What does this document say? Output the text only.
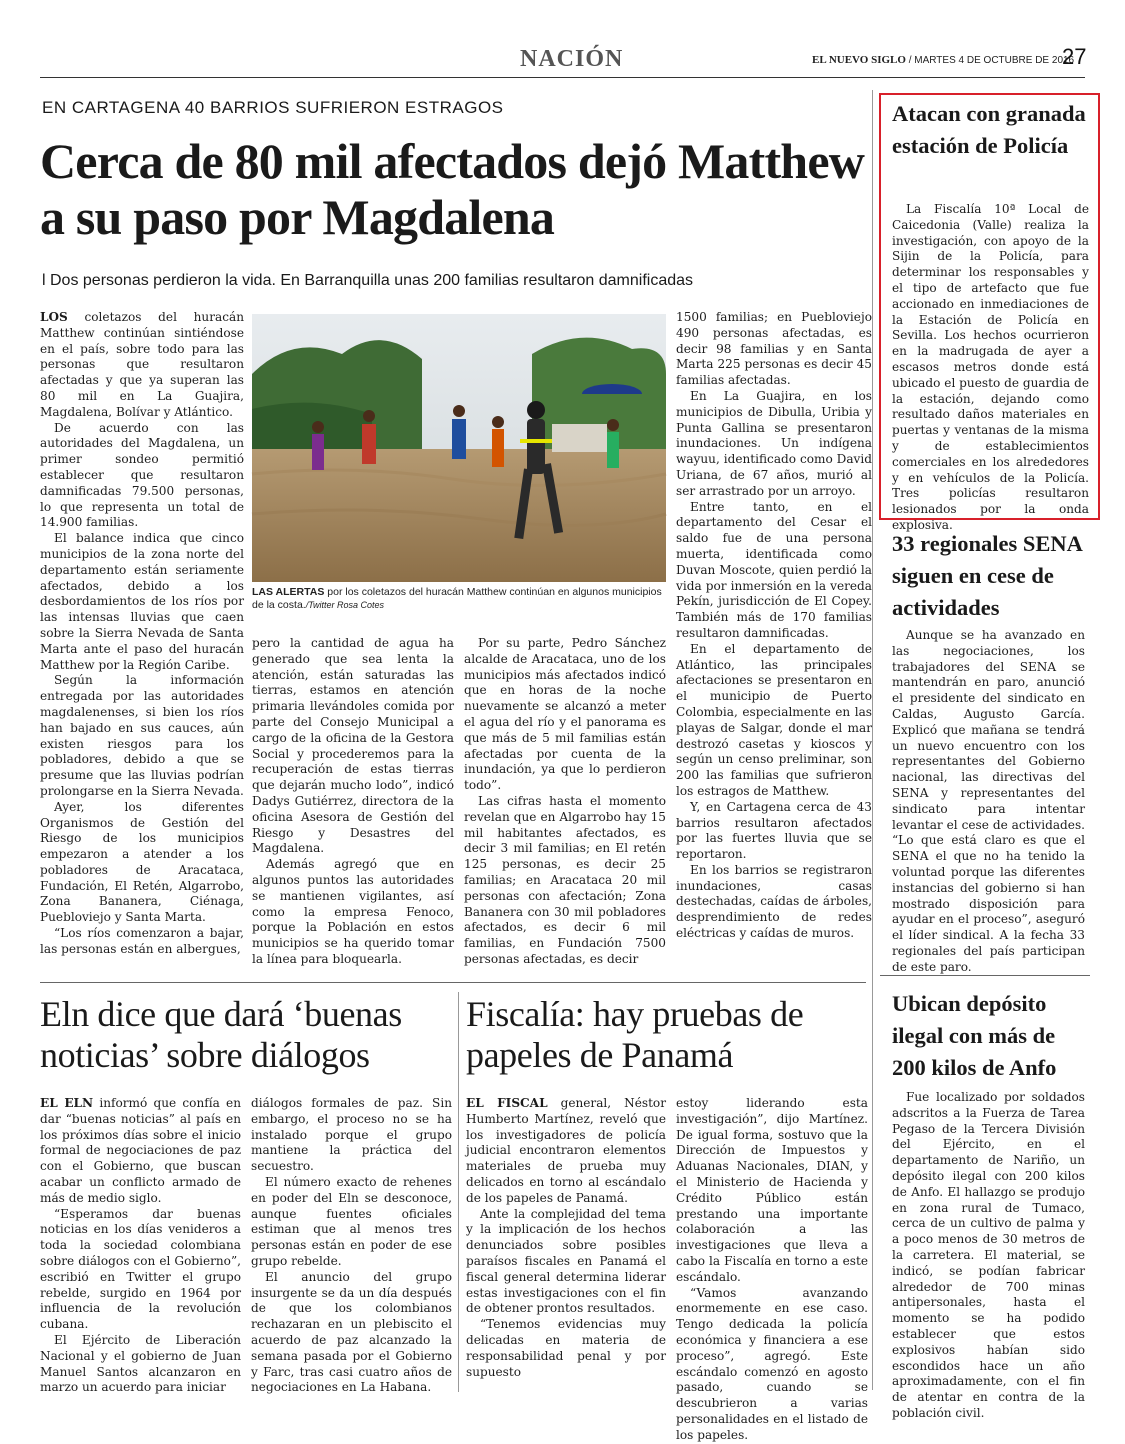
NACIÓN	EL NUEVO SIGLO / MARTES 4 DE OCTUBRE DE 2016
27
EN CARTAGENA 40 BARRIOS SUFRIERON ESTRAGOS
Cerca de 80 mil afectados dejó Matthew a su paso por Magdalena
l Dos personas perdieron la vida. En Barranquilla unas 200 familias resultaron damnificadas

LOS coletazos del huracán Matthew continúan sintiéndose en el país, sobre todo para las personas que resultaron afectadas y que ya superan las 80 mil en La Guajira, Magdalena, Bolívar y Atlántico.

De acuerdo con las autoridades del Magdalena, un primer sondeo permitió establecer que resultaron damnificadas 79.500 personas, lo que representa un total de 14.900 familias.

El balance indica que cinco municipios de la zona norte del departamento están seriamente afectados, debido a los desbordamientos de los ríos por las intensas lluvias que caen sobre la Sierra Nevada de Santa Marta ante el paso del huracán Matthew por la Región Caribe.

Según la información entregada por las autoridades magdalenenses, si bien los ríos han bajado en sus cauces, aún existen riesgos para los pobladores, debido a que se presume que las lluvias podrían prolongarse en la Sierra Nevada.

Ayer, los diferentes Organismos de Gestión del Riesgo de los municipios empezaron a atender a los pobladores de Aracataca, Fundación, El Retén, Algarrobo, Zona Bananera, Ciénaga, Puebloviejo y Santa Marta.

“Los ríos comenzaron a bajar, las personas están en albergues,

LAS ALERTAS por los coletazos del huracán Matthew continúan en algunos municipios de la costa./Twitter Rosa Cotes

pero la cantidad de agua ha generado que sea lenta la atención, están saturadas las tierras, estamos en atención primaria llevándoles comida por parte del Consejo Municipal a cargo de la oficina de la Gestora Social y procederemos para la recuperación de estas tierras que dejarán mucho lodo”, indicó Dadys Gutiérrez, directora de la oficina Asesora de Gestión del Riesgo y Desastres del Magdalena.

Además agregó que en algunos puntos las autoridades se mantienen vigilantes, así como la empresa Fenoco, porque la Población en estos municipios se ha querido tomar la línea para bloquearla.

Por su parte, Pedro Sánchez alcalde de Aracataca, uno de los municipios más afectados indicó que en horas de la noche nuevamente se alcanzó a meter el agua del río y el panorama es que más de 5 mil familias están afectadas por cuenta de la inundación, ya que lo perdieron todo”.

Las cifras hasta el momento revelan que en Algarrobo hay 15 mil habitantes afectados, es decir 3 mil familias; en El retén 125 personas, es decir 25 familias; en Aracataca 20 mil personas con afectación; Zona Bananera con 30 mil pobladores afectados, es decir 6 mil familias, en Fundación 7500 personas afectadas, es decir

1500 familias; en Puebloviejo 490 personas afectadas, es decir 98 familias y en Santa Marta 225 personas es decir 45 familias afectadas.

En La Guajira, en los municipios de Dibulla, Uribia y Punta Gallina se presentaron inundaciones. Un indígena wayuu, identificado como David Uriana, de 67 años, murió al ser arrastrado por un arroyo.

Entre tanto, en el departamento del Cesar el saldo fue de una persona muerta, identificada como Duvan Moscote, quien perdió la vida por inmersión en la vereda Pekín, jurisdicción de El Copey. También más de 170 familias resultaron damnificadas.

En el departamento de Atlántico, las principales afectaciones se presentaron en el municipio de Puerto Colombia, especialmente en las playas de Salgar, donde el mar destrozó casetas y kioscos y según un censo preliminar, son 200 las familias que sufrieron los estragos de Matthew.

Y, en Cartagena cerca de 43 barrios resultaron afectados por las fuertes lluvia que se reportaron.

En los barrios se registraron inundaciones, casas destechadas, caídas de árboles, desprendimiento de redes eléctricas y caídas de muros.

Eln dice que dará ‘buenas noticias’ sobre diálogos

EL ELN informó que confía en dar “buenas noticias” al país en los próximos días sobre el inicio formal de negociaciones de paz con el Gobierno, que buscan acabar un conflicto armado de más de medio siglo.

“Esperamos dar buenas noticias en los días venideros a toda la sociedad colombiana sobre diálogos con el Gobierno”, escribió en Twitter el grupo rebelde, surgido en 1964 por influencia de la revolución cubana.

El Ejército de Liberación Nacional y el gobierno de Juan Manuel Santos alcanzaron en marzo un acuerdo para iniciar

diálogos formales de paz. Sin embargo, el proceso no se ha instalado porque el grupo mantiene la práctica del secuestro.

El número exacto de rehenes en poder del Eln se desconoce, aunque fuentes oficiales estiman que al menos tres personas están en poder de ese grupo rebelde.

El anuncio del grupo insurgente se da un día después de que los colombianos rechazaran en un plebiscito el acuerdo de paz alcanzado la semana pasada por el Gobierno y Farc, tras casi cuatro años de negociaciones en La Habana.

Fiscalía: hay pruebas de papeles de Panamá

EL FISCAL general, Néstor Humberto Martínez, reveló que los investigadores de policía judicial encontraron elementos materiales de prueba muy delicados en torno al escándalo de los papeles de Panamá.

Ante la complejidad del tema y la implicación de los hechos denunciados sobre posibles paraísos fiscales en Panamá el fiscal general determina liderar estas investigaciones con el fin de obtener prontos resultados.

“Tenemos evidencias muy delicadas en materia de responsabilidad penal y por supuesto

estoy liderando esta investigación”, dijo Martínez. De igual forma, sostuvo que la Dirección de Impuestos y Aduanas Nacionales, DIAN, y el Ministerio de Hacienda y Crédito Público están prestando una importante colaboración a las investigaciones que lleva a cabo la Fiscalía en torno a este escándalo.

“Vamos avanzando enormemente en ese caso. Tengo dedicada la policía económica y financiera a ese proceso”, agregó. Este escándalo comenzó en agosto pasado, cuando se descubrieron a varias personalidades en el listado de los papeles.

Atacan con granada estación de Policía

La Fiscalía 10ª Local de Caicedonia (Valle) realiza la investigación, con apoyo de la Sijin de la Policía, para determinar los responsables y el tipo de artefacto que fue accionado en inmediaciones de la Estación de Policía en Sevilla. Los hechos ocurrieron en la madrugada de ayer a escasos metros donde está ubicado el puesto de guardia de la estación, dejando como resultado daños materiales en puertas y ventanas de la misma y de establecimientos comerciales en los alrededores y en vehículos de la Policía. Tres policías resultaron lesionados por la onda explosiva.

33 regionales SENA siguen en cese de actividades

Aunque se ha avanzado en las negociaciones, los trabajadores del SENA se mantendrán en paro, anunció el presidente del sindicato en Caldas, Augusto García. Explicó que mañana se tendrá un nuevo encuentro con los representantes del Gobierno nacional, las directivas del SENA y representantes del sindicato para intentar levantar el cese de actividades. “Lo que está claro es que el SENA el que no ha tenido la voluntad porque las diferentes instancias del gobierno si han mostrado disposición para ayudar en el proceso”, aseguró el líder sindical. A la fecha 33 regionales del país participan de este paro.

Ubican depósito ilegal con más de 200 kilos de Anfo

Fue localizado por soldados adscritos a la Fuerza de Tarea Pegaso de la Tercera División del Ejército, en el departamento de Nariño, un depósito ilegal con 200 kilos de Anfo. El hallazgo se produjo en zona rural de Tumaco, cerca de un cultivo de palma y a poco menos de 30 metros de la carretera. El material, se indicó, se podían fabricar alrededor de 700 minas antipersonales, hasta el momento se ha podido establecer que estos explosivos habían sido escondidos hace un año aproximadamente, con el fin de atentar en contra de la población civil.
